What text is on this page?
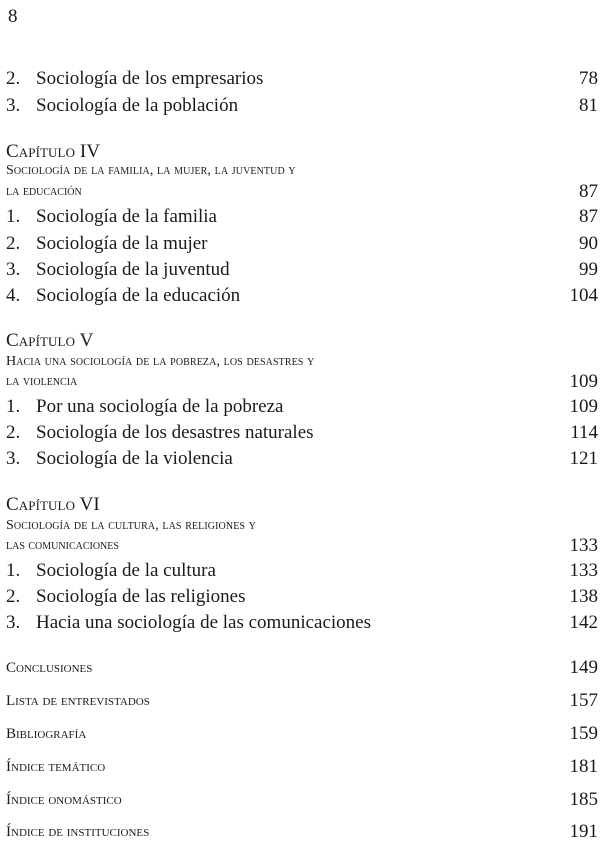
8
2. Sociología de los empresarios	78
3. Sociología de la población	81
Capítulo IV
Sociología de la familia, la mujer, la juventud y
la educación	87
1. Sociología de la familia	87
2. Sociología de la mujer	90
3. Sociología de la juventud	99
4. Sociología de la educación	104
Capítulo V
Hacia una sociología de la pobreza, los desastres y
la violencia	109
1. Por una sociología de la pobreza	109
2. Sociología de los desastres naturales	114
3. Sociología de la violencia	121
Capítulo VI
Sociología de la cultura, las religiones y
las comunicaciones	133
1. Sociología de la cultura	133
2. Sociología de las religiones	138
3. Hacia una sociología de las comunicaciones	142
Conclusiones	149
Lista de entrevistados	157
Bibliografía	159
Índice temático	181
Índice onomástico	185
Índice de instituciones	191
